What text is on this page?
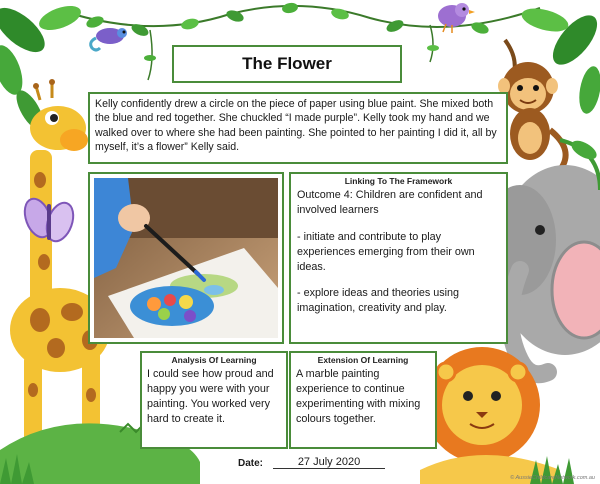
The Flower
Kelly confidently drew a circle on the piece of paper using blue paint. She mixed both the blue and red together. She chuckled “I made purple”. Kelly took my hand and we walked over to where she had been painting. She pointed to her painting I did it, all by myself, it’s a flower” Kelly said.
Linking To The Framework

Outcome 4: Children are confident and involved learners

- initiate and contribute to play experiences emerging from their own ideas.

- explore ideas and theories using imagination, creativity and play.

Analysis Of Learning

I could see how proud and happy you were with your painting. You worked very hard to create it.

Extension Of Learning

A marble painting experience to continue experimenting with mixing colours together.

Date:	27 July 2020
© AussieChildcareNetwork.com.au
